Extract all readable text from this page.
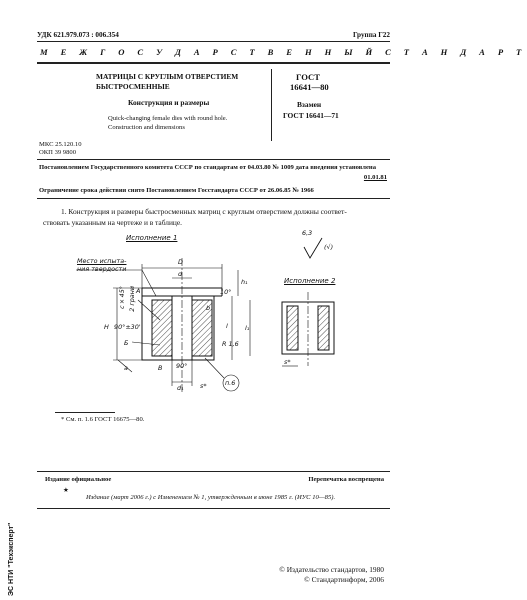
УДК 621.979.073 : 006.354	Группа Г22
М Е Ж Г О С У Д А Р С Т В Е Н Н Ы Й С Т А Н Д А Р Т
МАТРИЦЫ С КРУГЛЫМ ОТВЕРСТИЕМ
БЫСТРОСМЕННЫЕ
Конструкция и размеры
Quick-changing female dies with round hole.
Construction and dimensions
ГОСТ
16641—80
Взамен
ГОСТ 16641—71
МКС 25.120.10
ОКП 39 9800
Постановлением Государственного комитета СССР по стандартам от 04.03.80 № 1009 дата введения установлена
01.01.81
Ограничение срока действия снято Постановлением Госстандарта СССР от 26.06.85 № 1966
1. Конструкция и размеры быстросменных матриц с круглым отверстием должны соответ-
ствовать указанным на чертеже и в таблице.
Исполнение 1
Исполнение 2
6,3
(√)
Место испыта-
ния твердости
D
d
d₁
H	l
h₁
l₁
А
Б
В
c×45° 2 грани
90°±30'
90°
10°
R 1,6
п.6
a
b
s*
s*
* См. п. 1.6 ГОСТ 16675—80.
Издание официальное	Перепечатка воспрещена
★
Издание (март 2006 г.) с Изменением № 1, утвержденным в июне 1985 г. (ИУС 10—85).
© Издательство стандартов, 1980
© Стандартинформ, 2006
ЭС НТИ "Техэксперт"
